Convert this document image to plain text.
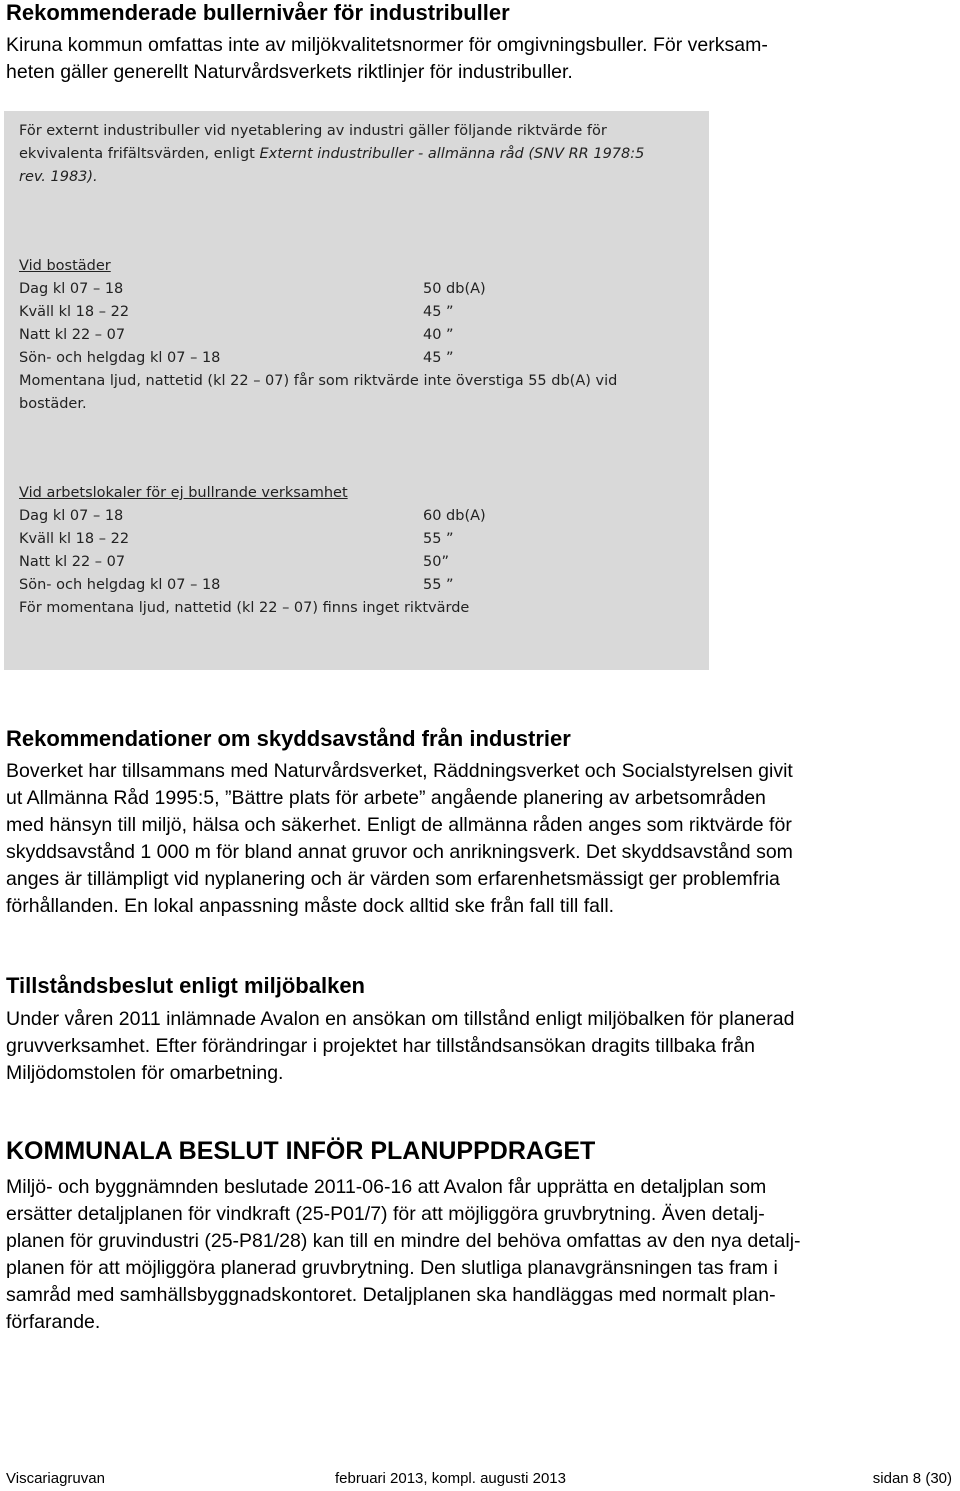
Rekommenderade bullernivåer för industribuller
Kiruna kommun omfattas inte av miljökvalitetsnormer för omgivningsbuller. För verksam-
heten gäller generellt Naturvårdsverkets riktlinjer för industribuller.
För externt industribuller vid nyetablering av industri gäller följande riktvärde för
ekvivalenta frifältsvärden, enligt Externt industribuller - allmänna råd (SNV RR 1978:5
rev. 1983).
Vid bostäder
Dag kl 07 – 18	50 db(A)
Kväll kl 18 – 22	45 ”
Natt kl 22 – 07	40 ”
Sön- och helgdag kl 07 – 18	45 ”
Momentana ljud, nattetid (kl 22 – 07) får som riktvärde inte överstiga 55 db(A) vid
bostäder.
Vid arbetslokaler för ej bullrande verksamhet
Dag kl 07 – 18	60 db(A)
Kväll kl 18 – 22	55 ”
Natt kl 22 – 07	50”
Sön- och helgdag kl 07 – 18	55 ”
För momentana ljud, nattetid (kl 22 – 07) finns inget riktvärde
Rekommendationer om skyddsavstånd från industrier
Boverket har tillsammans med Naturvårdsverket, Räddningsverket och Socialstyrelsen givit
ut Allmänna Råd 1995:5, ”Bättre plats för arbete” angående planering av arbetsområden
med hänsyn till miljö, hälsa och säkerhet. Enligt de allmänna råden anges som riktvärde för
skyddsavstånd 1 000 m för bland annat gruvor och anrikningsverk. Det skyddsavstånd som
anges är tillämpligt vid nyplanering och är värden som erfarenhetsmässigt ger problemfria
förhållanden. En lokal anpassning måste dock alltid ske från fall till fall.
Tillståndsbeslut enligt miljöbalken
Under våren 2011 inlämnade Avalon en ansökan om tillstånd enligt miljöbalken för planerad
gruvverksamhet. Efter förändringar i projektet har tillståndsansökan dragits tillbaka från
Miljödomstolen för omarbetning.
KOMMUNALA BESLUT INFÖR PLANUPPDRAGET
Miljö- och byggnämnden beslutade 2011-06-16 att Avalon får upprätta en detaljplan som
ersätter detaljplanen för vindkraft (25-P01/7) för att möjliggöra gruvbrytning. Även detalj-
planen för gruvindustri (25-P81/28) kan till en mindre del behöva omfattas av den nya detalj-
planen för att möjliggöra planerad gruvbrytning. Den slutliga planavgränsningen tas fram i
samråd med samhällsbyggnadskontoret. Detaljplanen ska handläggas med normalt plan-
förfarande.
Viscariagruvan	februari 2013, kompl. augusti 2013	sidan 8 (30)
